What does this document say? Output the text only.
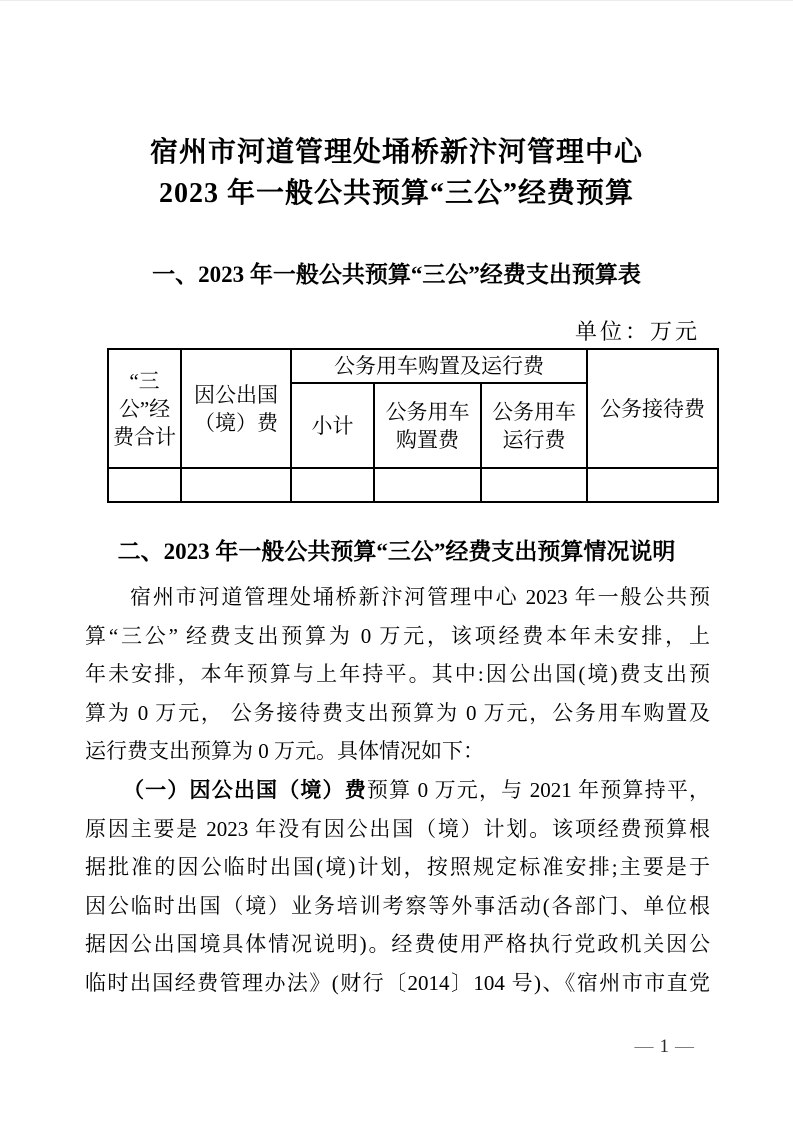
宿州市河道管理处埇桥新汴河管理中心
2023 年一般公共预算“三公”经费预算
一、2023 年一般公共预算“三公”经费支出预算表
单位：万元
“三公”经费合计	因公出国（境）费	公务用车购置及运行费			公务接待费
		小计	公务用车购置费	公务用车运行费	

二、2023 年一般公共预算“三公”经费支出预算情况说明
宿州市河道管理处埇桥新汴河管理中心 2023 年一般公共预
算“三公” 经费支出预算为 0 万元，该项经费本年未安排，上
年未安排，本年预算与上年持平。其中:因公出国(境)费支出预
算为 0 万元， 公务接待费支出预算为 0 万元，公务用车购置及
运行费支出预算为 0 万元。具体情况如下：
（一）因公出国（境）费预算 0 万元，与 2021 年预算持平，
原因主要是 2023 年没有因公出国（境）计划。该项经费预算根
据批准的因公临时出国(境)计划，按照规定标准安排;主要是于
因公临时出国（境）业务培训考察等外事活动(各部门、单位根
据因公出国境具体情况说明)。经费使用严格执行党政机关因公
临时出国经费管理办法》(财行〔2014〕104 号)、《宿州市市直党
— 1 —
